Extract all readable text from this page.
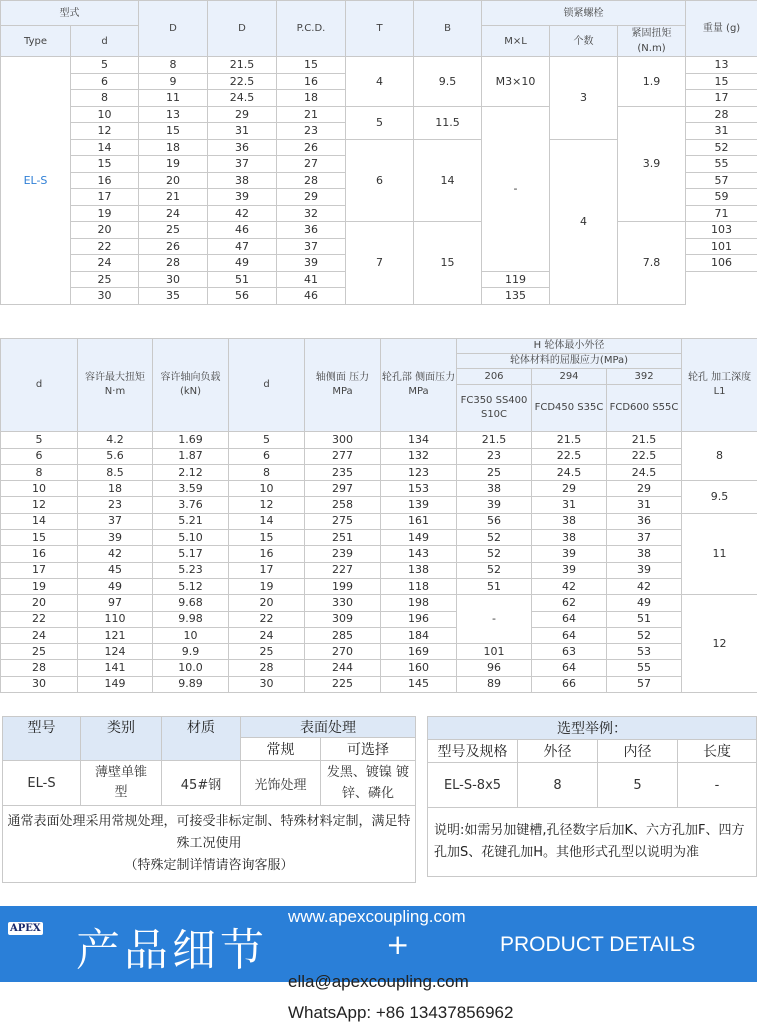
型式		D	D	P.C.D.	T	B	锁紧螺栓			重量 (g)
Type	d						M×L	个数	紧固扭矩 (N.m)	
EL-S	5	8	21.5	15	4	9.5	M3×10	3	1.9	13
	6	9	22.5	16						15
	8	11	24.5	18						17
	10	13	29	21	5	11.5	-		3.9	28
	12	15	31	23						31
	14	18	36	26	6	14		4		52
	15	19	37	27						55
	16	20	38	28						57
	17	21	39	29						59
	19	24	42	32						71
	20	25	46	36	7	15			7.8	103
	22	26	47	37						101
	24	28	49	39						106
	25	30	51	41			119			
	30	35	56	46			135			
d	容许最大扭矩 N·m	容许轴向负载 (kN)	d	轴侧面 压力 MPa	轮孔部 侧面压力 MPa	H 轮体最小外径			轮孔 加工深度 L1
						轮体材料的屈服应力(MPa)			
						206	294	392	
						FC350 SS400 S10C	FCD450 S35C	FCD600 S55C	
5	4.2	1.69	5	300	134	21.5	21.5	21.5	8
6	5.6	1.87	6	277	132	23	22.5	22.5	
8	8.5	2.12	8	235	123	25	24.5	24.5	
10	18	3.59	10	297	153	38	29	29	9.5
12	23	3.76	12	258	139	39	31	31	
14	37	5.21	14	275	161	56	38	36	11
15	39	5.10	15	251	149	52	38	37	
16	42	5.17	16	239	143	52	39	38	
17	45	5.23	17	227	138	52	39	39	
19	49	5.12	19	199	118	51	42	42	
20	97	9.68	20	330	198	-	62	49	12
22	110	9.98	22	309	196		64	51	
24	121	10	24	285	184		64	52	
25	124	9.9	25	270	169	101	63	53	
28	141	10.0	28	244	160	96	64	55	
30	149	9.89	30	225	145	89	66	57	
型号	类别	材质	表面处理	
			常规	可选择
EL-S	薄壁单锥型	45#钢	光饰处理	发黑、镀镍 镀锌、磷化

通常表面处理采用常规处理，可接受非标定制、特殊材料定制，满足特殊工况使用
（特殊定制详情请咨询客服）				
选型举例：			
型号及规格	外径	内径	长度
EL-S-8x5	8	5	-
说明:如需另加键槽,孔径数字后加K、六方孔加F、四方孔加S、花键孔加H。其他形式孔型以说明为准			
APEX 产品细节	+	PRODUCT DETAILS
www.apexcoupling.com
ella@apexcoupling.com
WhatsApp: +86 13437856962
